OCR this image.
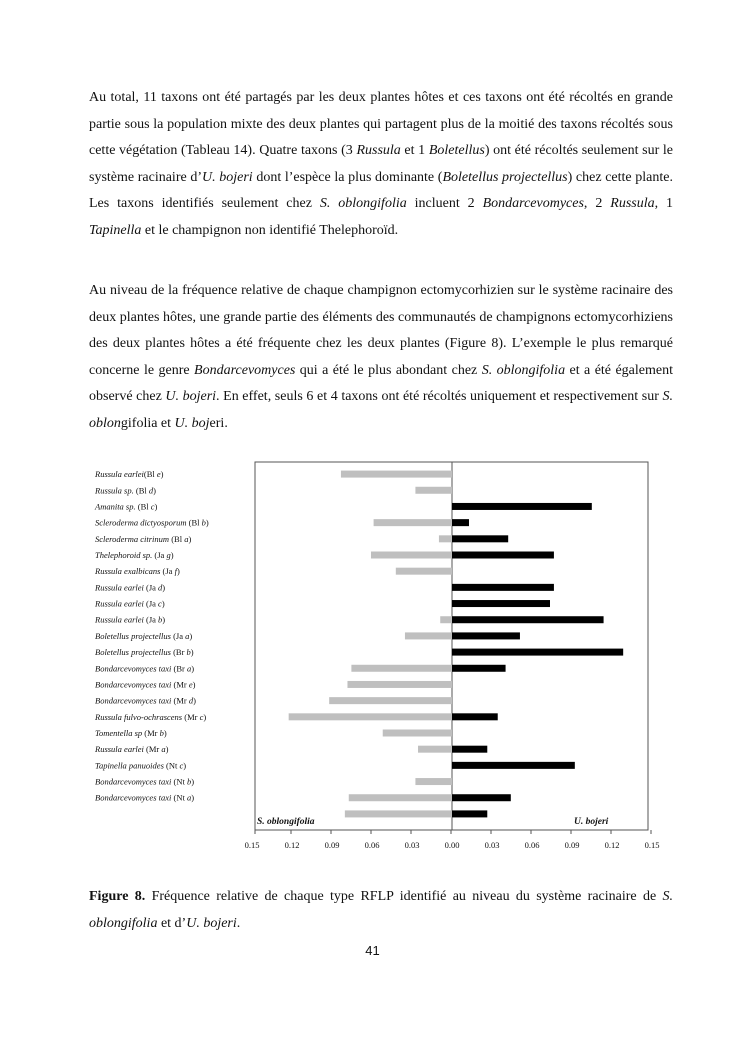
Au total, 11 taxons ont été partagés par les deux plantes hôtes et ces taxons ont été récoltés en grande partie sous la population mixte des deux plantes qui partagent plus de la moitié des taxons récoltés sous cette végétation (Tableau 14). Quatre taxons (3 Russula et 1 Boletellus) ont été récoltés seulement sur le système racinaire d’U. bojeri dont l’espèce la plus dominante (Boletellus projectellus) chez cette plante. Les taxons identifiés seulement chez S. oblongifolia incluent 2 Bondarcevomyces, 2 Russula, 1 Tapinella et le champignon non identifié Thelephoroïd.

Au niveau de la fréquence relative de chaque champignon ectomycorhizien sur le système racinaire des deux plantes hôtes, une grande partie des éléments des communautés de champignons ectomycorhiziens des deux plantes hôtes a été fréquente chez les deux plantes (Figure 8). L’exemple le plus remarqué concerne le genre Bondarcevomyces qui a été le plus abondant chez S. oblongifolia et a été également observé chez U. bojeri. En effet, seuls 6 et 4 taxons ont été récoltés uniquement et respectivement sur S. oblongifolia et U. bojeri.

Russula earlei(Bl e)
Russula sp. (Bl d)
Amanita sp. (Bl c)
Scleroderma dictyosporum (Bl b)
Scleroderma citrinum (Bl a)
Thelephoroid sp. (Ja g)
Russula exalbicans (Ja f)
Russula earlei (Ja d)
Russula earlei (Ja c)
Russula earlei (Ja b)
Boletellus projectellus (Ja a)
Boletellus projectellus (Br b)
Bondarcevomyces taxi (Br a)
Bondarcevomyces taxi (Mr e)
Bondarcevomyces taxi (Mr d)
Russula fulvo-ochrascens (Mr c)
Tomentella sp (Mr b)
Russula earlei (Mr a)
Tapinella panuoides (Nt c)
Bondarcevomyces taxi (Nt b)
Bondarcevomyces taxi (Nt a)
S. oblongifolia	U. bojeri
0.15	0.12	0.09	0.06	0.03	0.00	0.03	0.06	0.09	0.12	0.15

Figure 8. Fréquence relative de chaque type RFLP identifié au niveau du système racinaire de S. oblongifolia et d’U. bojeri.

41
